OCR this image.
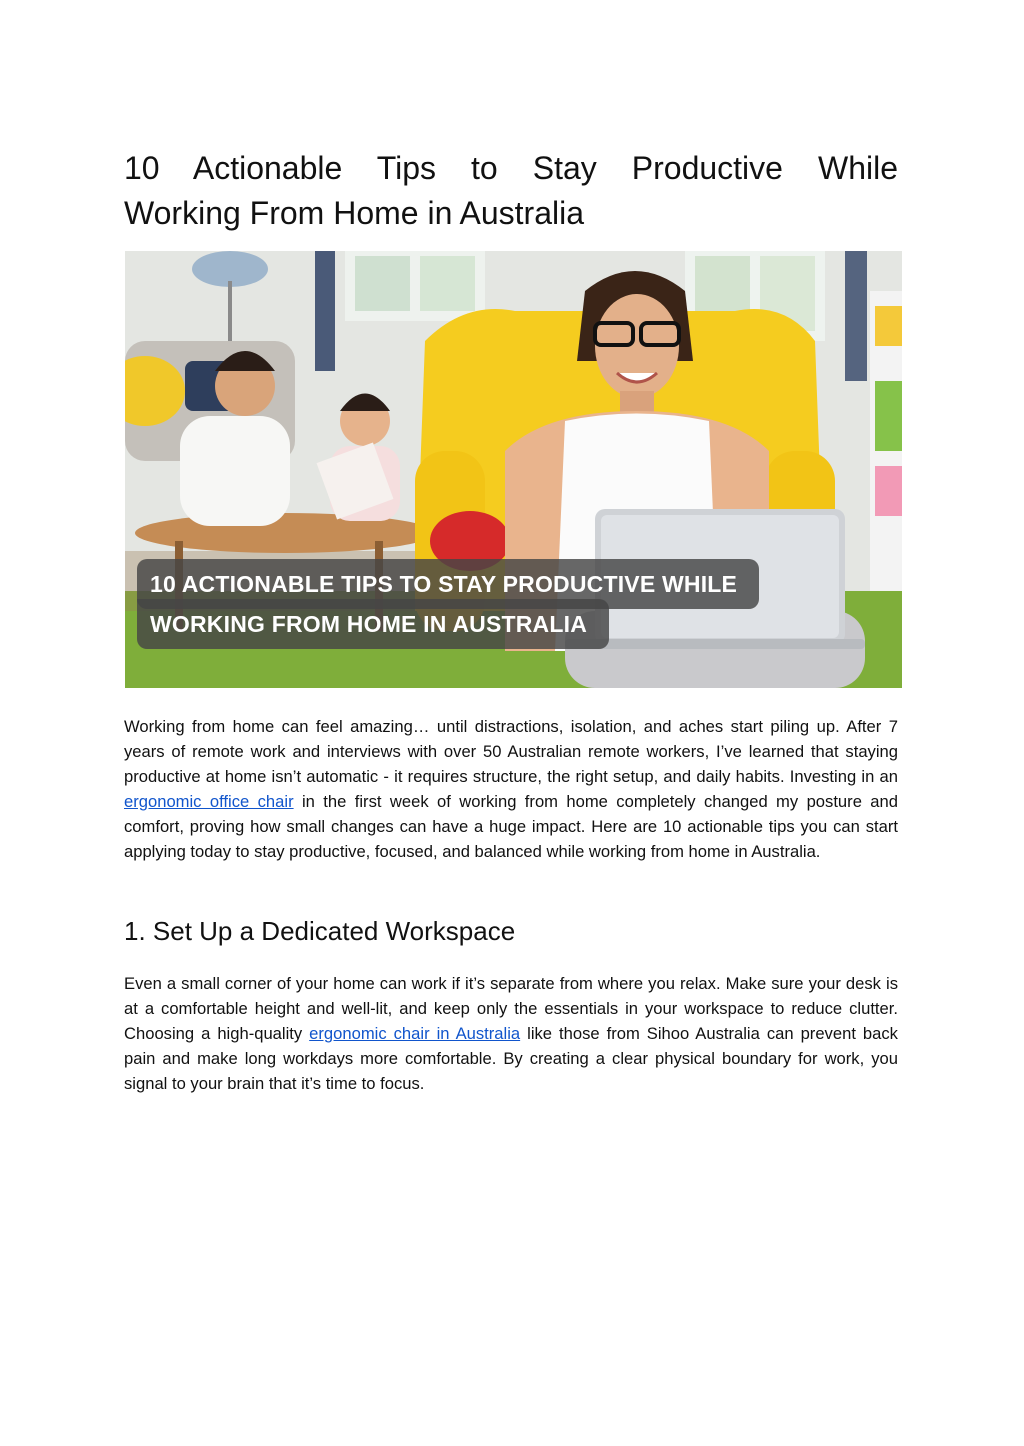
10 Actionable Tips to Stay Productive While
Working From Home in Australia
10 ACTIONABLE TIPS TO STAY PRODUCTIVE WHILE
WORKING FROM HOME IN AUSTRALIA

Working from home can feel amazing… until distractions, isolation, and aches start piling up. After 7 years of remote work and interviews with over 50 Australian remote workers, I’ve learned that staying productive at home isn’t automatic - it requires structure, the right setup, and daily habits. Investing in an ergonomic office chair in the first week of working from home completely changed my posture and comfort, proving how small changes can have a huge impact. Here are 10 actionable tips you can start applying today to stay productive, focused, and balanced while working from home in Australia.

1. Set Up a Dedicated Workspace

Even a small corner of your home can work if it’s separate from where you relax. Make sure your desk is at a comfortable height and well-lit, and keep only the essentials in your workspace to reduce clutter. Choosing a high-quality ergonomic chair in Australia like those from Sihoo Australia can prevent back pain and make long workdays more comfortable. By creating a clear physical boundary for work, you signal to your brain that it’s time to focus.
